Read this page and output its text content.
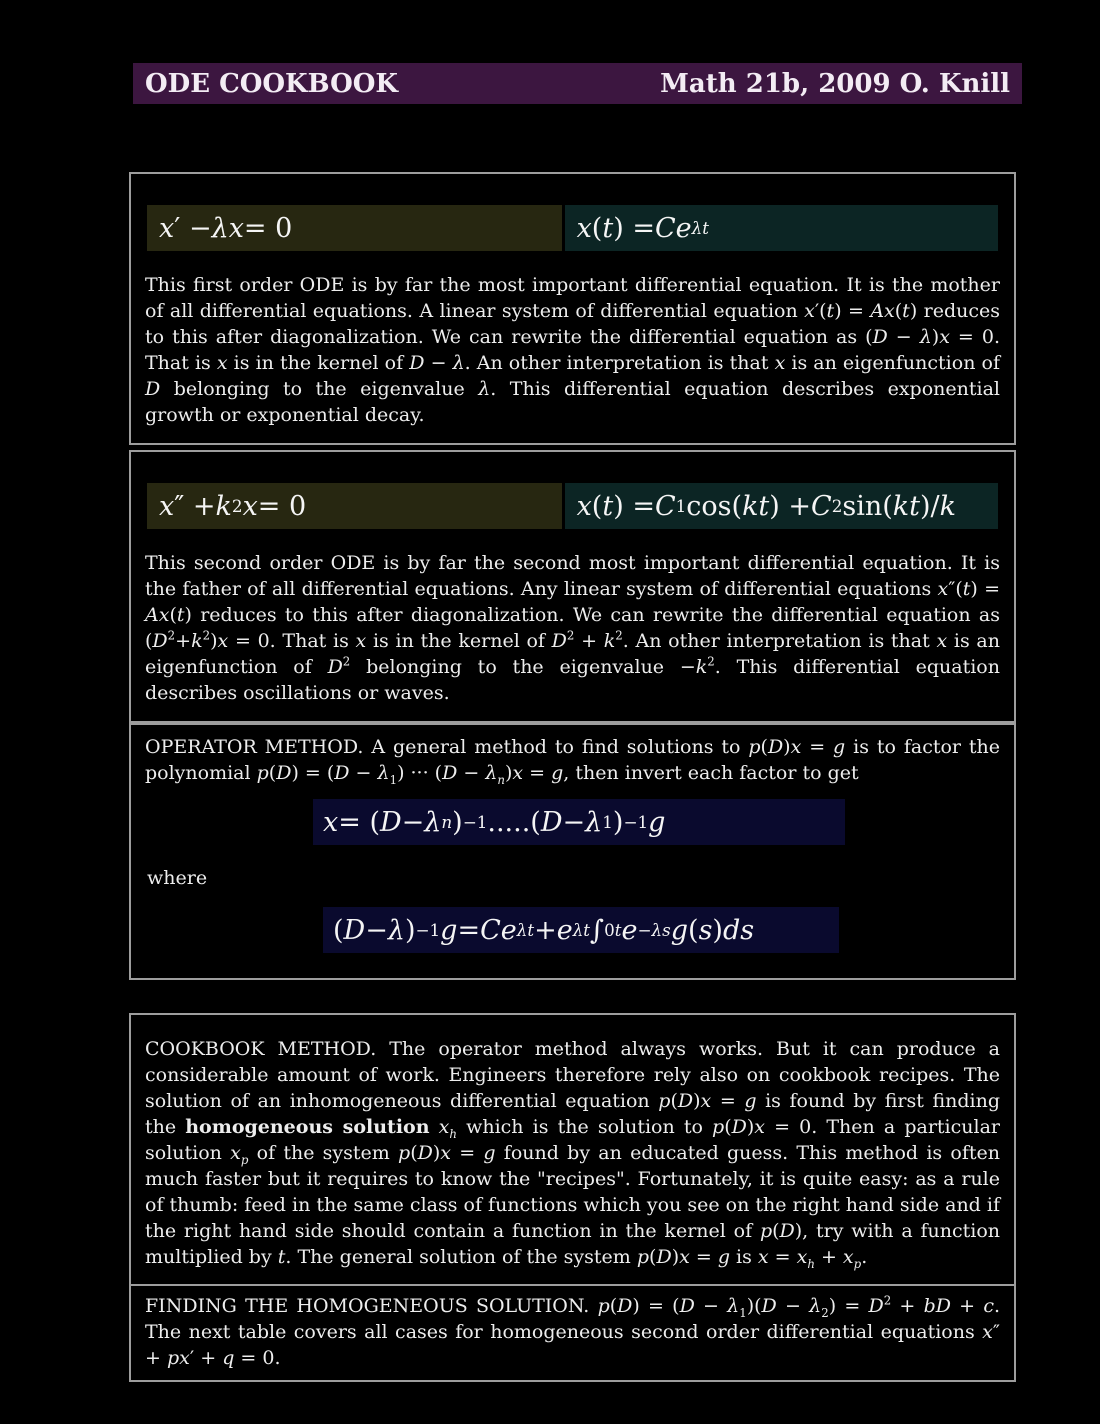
ODE COOKBOOK	Math 21b, 2009 O. Knill
x ′ − λx = 0	x ( t ) = Ce λt
This first order ODE is by far the most important differential equation. It is the mother of all differential equations. A linear system of differential equation x′(t) = Ax(t) reduces to this after diagonalization. We can rewrite the differential equation as (D − λ)x = 0. That is x is in the kernel of D − λ. An other interpretation is that x is an eigenfunction of D belonging to the eigenvalue λ. This differential equation describes exponential growth or exponential decay.
x ″ + k 2 x = 0	x ( t ) = C 1 cos( kt ) + C 2 sin( kt )/ k
This second order ODE is by far the second most important differential equation. It is the father of all differential equations. Any linear system of differential equations x″(t) = Ax(t) reduces to this after diagonalization. We can rewrite the differential equation as $(D^2+k^2)x = 0$. That is x is in the kernel of $D^2 + k^2$. An other interpretation is that x is an eigenfunction of $D^2$ belonging to the eigenvalue $-k^2$. This differential equation describes oscillations or waves.
OPERATOR METHOD. A general method to find solutions to p(D)x = g is to factor the polynomial $p(D) = (D - \lambda_1)$ ··· $(D - \lambda_n)x = g$, then invert each factor to get
x = ( D − λ n ) −1 .....( D − λ 1 ) −1 g
where
( D − λ ) −1 g = Ce λt + e λt ∫ 0 t e −λs g ( s ) ds
COOKBOOK METHOD. The operator method always works. But it can produce a considerable amount of work. Engineers therefore rely also on cookbook recipes. The solution of an inhomogeneous differential equation p(D)x = g is found by first finding the homogeneous solution $x_h$ which is the solution to p(D)x = 0. Then a particular solution $x_p$ of the system p(D)x = g found by an educated guess. This method is often much faster but it requires to know the "recipes". Fortunately, it is quite easy: as a rule of thumb: feed in the same class of functions which you see on the right hand side and if the right hand side should contain a function in the kernel of p(D), try with a function multiplied by t. The general solution of the system p(D)x = g is $x = x_h + x_p$.
FINDING THE HOMOGENEOUS SOLUTION. $p(D) = (D - \lambda_1)(D - \lambda_2) = D^2$ + bD + c. The next table covers all cases for homogeneous second order differential equations x″ + px′ + q = 0.
